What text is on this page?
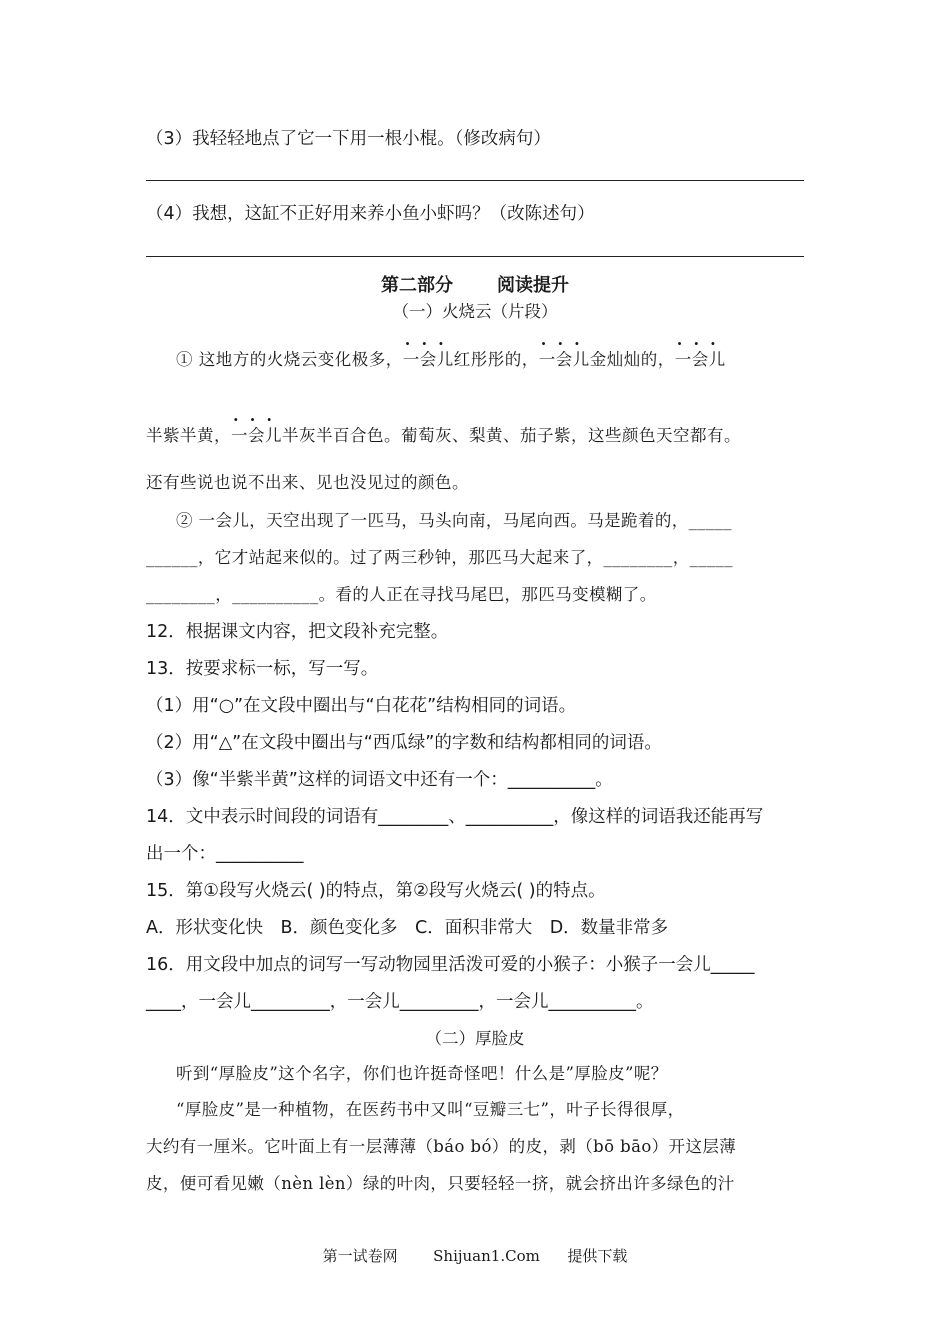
（3）我轻轻地点了它一下用一根小棍。（修改病句）
（4）我想，这缸不正好用来养小鱼小虾吗？（改陈述句）
第二部分 阅读提升
（一）火烧云（片段）
① 这地方的火烧云变化极多，· · · 一会儿红彤彤的，· · · 一会儿金灿灿的，· · · 一会儿
半紫半黄，· · · 一会儿半灰半百合色。葡萄灰、梨黄、茄子紫，这些颜色天空都有。
还有些说也说不出来、见也没见过的颜色。
② 一会儿，天空出现了一匹马，马头向南，马尾向西。马是跪着的，_____
______，它才站起来似的。过了两三秒钟，那匹马大起来了，________，_____
________，__________。看的人正在寻找马尾巴，那匹马变模糊了。
12．根据课文内容，把文段补充完整。
13．按要求标一标，写一写。
（1）用“○”在文段中圈出与“白花花”结构相同的词语。
（2）用“△”在文段中圈出与“西瓜绿”的字数和结构都相同的词语。
（3）像“半紫半黄”这样的词语文中还有一个：__________。
14．文中表示时间段的词语有________、__________，像这样的词语我还能再写
出一个：__________
15．第①段写火烧云( )的特点，第②段写火烧云( )的特点。
A．形状变化快　B．颜色变化多　C．面积非常大　D．数量非常多
16．用文段中加点的词写一写动物园里活泼可爱的小猴子：小猴子一会儿_____
____，一会儿_________，一会儿_________，一会儿__________。
（二）厚脸皮
听到“厚脸皮”这个名字，你们也许挺奇怪吧！什么是”厚脸皮”呢？
“厚脸皮”是一种植物，在医药书中又叫“豆瓣三七”，叶子长得很厚，
大约有一厘米。它叶面上有一层薄薄（báo bó）的皮，剥（bō bāo）开这层薄
皮，便可看见嫩（nèn lèn）绿的叶肉，只要轻轻一挤，就会挤出许多绿色的汁
第一试卷网 Shijuan1.Com 提供下载
